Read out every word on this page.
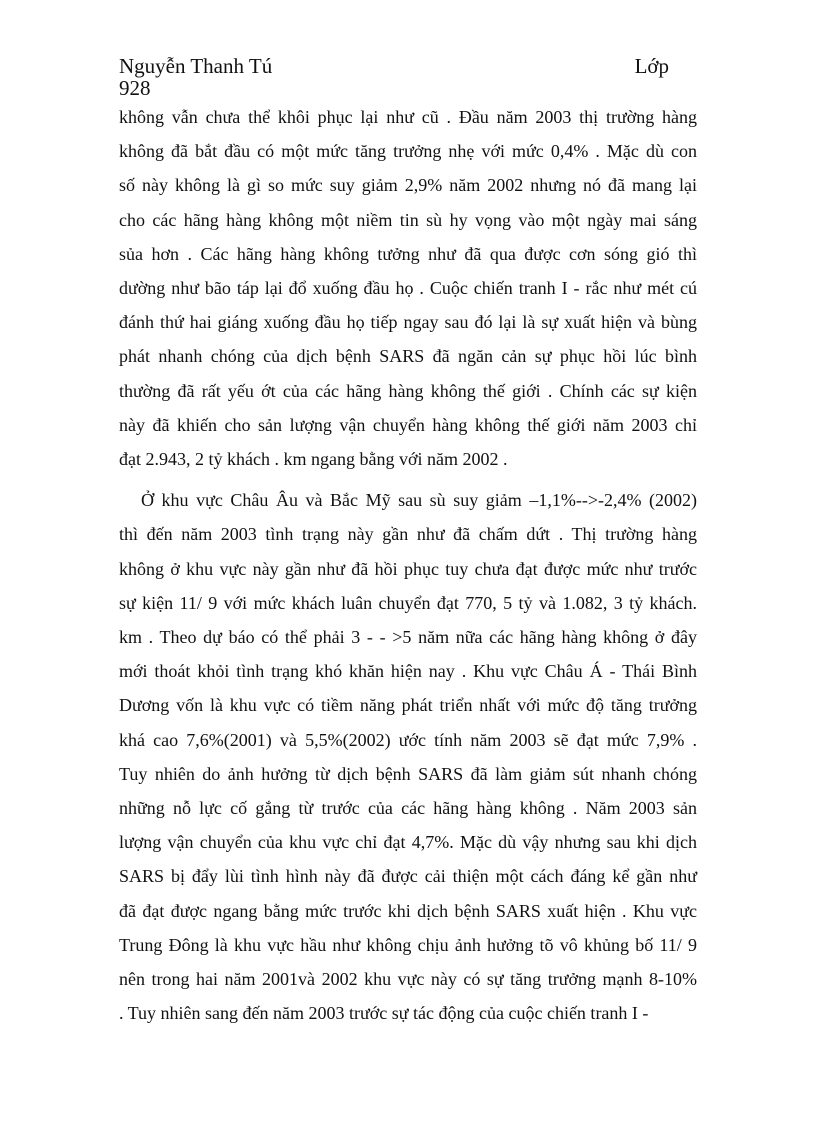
Nguyễn Thanh Tú	Lớp
928

không vẫn chưa thể khôi phục lại như cũ . Đầu năm 2003 thị trường hàng

không đã bắt đầu có một mức tăng trưởng nhẹ với mức 0,4% . Mặc dù con

số này không là gì so mức suy giảm 2,9% năm 2002 nhưng nó đã mang lại

cho các hãng hàng không một niềm tin sù hy vọng vào một ngày mai sáng

sủa hơn . Các hãng hàng không tưởng như đã qua được cơn sóng gió thì

dường như bão táp lại đổ xuống đầu họ . Cuộc chiến tranh I - rắc như mét cú

đánh thứ hai giáng xuống đầu họ tiếp ngay sau đó lại là sự xuất hiện và bùng

phát nhanh chóng của dịch bệnh SARS đã ngăn cản sự phục hồi lúc bình

thường đã rất yếu ớt của các hãng hàng không thế giới . Chính các sự kiện

này đã khiến cho sản lượng vận chuyển hàng không thế giới năm 2003 chỉ

đạt 2.943, 2 tỷ khách . km ngang bằng với năm 2002 .

Ở khu vực Châu Âu và Bắc Mỹ sau sù suy giảm –1,1%-->-2,4% (2002)

thì đến năm 2003 tình trạng này gần như đã chấm dứt . Thị trường hàng

không ở khu vực này gần như đã hồi phục tuy chưa đạt được mức như trước

sự kiện 11/ 9 với mức khách luân chuyển đạt 770, 5 tỷ và 1.082, 3 tỷ khách.

km . Theo dự báo có thể phải 3 - - >5 năm nữa các hãng hàng không ở đây

mới thoát khỏi tình trạng khó khăn hiện nay . Khu vực Châu Á - Thái Bình

Dương vốn là khu vực có tiềm năng phát triển nhất với mức độ tăng trưởng

khá cao 7,6%(2001) và 5,5%(2002) ước tính năm 2003 sẽ đạt mức 7,9% .

Tuy nhiên do ảnh hưởng từ dịch bệnh SARS đã làm giảm sút nhanh chóng

những nỗ lực cố gắng từ trước của các hãng hàng không . Năm 2003 sản

lượng vận chuyển của khu vực chỉ đạt 4,7%. Mặc dù vậy nhưng sau khi dịch

SARS bị đẩy lùi tình hình này đã được cải thiện một cách đáng kể gần như

đã đạt được ngang bằng mức trước khi dịch bệnh SARS xuất hiện . Khu vực

Trung Đông là khu vực hầu như không chịu ảnh hưởng tõ vô khủng bố 11/ 9

nên trong hai năm 2001và 2002 khu vực này có sự tăng trưởng mạnh 8-10%

. Tuy nhiên sang đến năm 2003 trước sự tác động của cuộc chiến tranh I -
